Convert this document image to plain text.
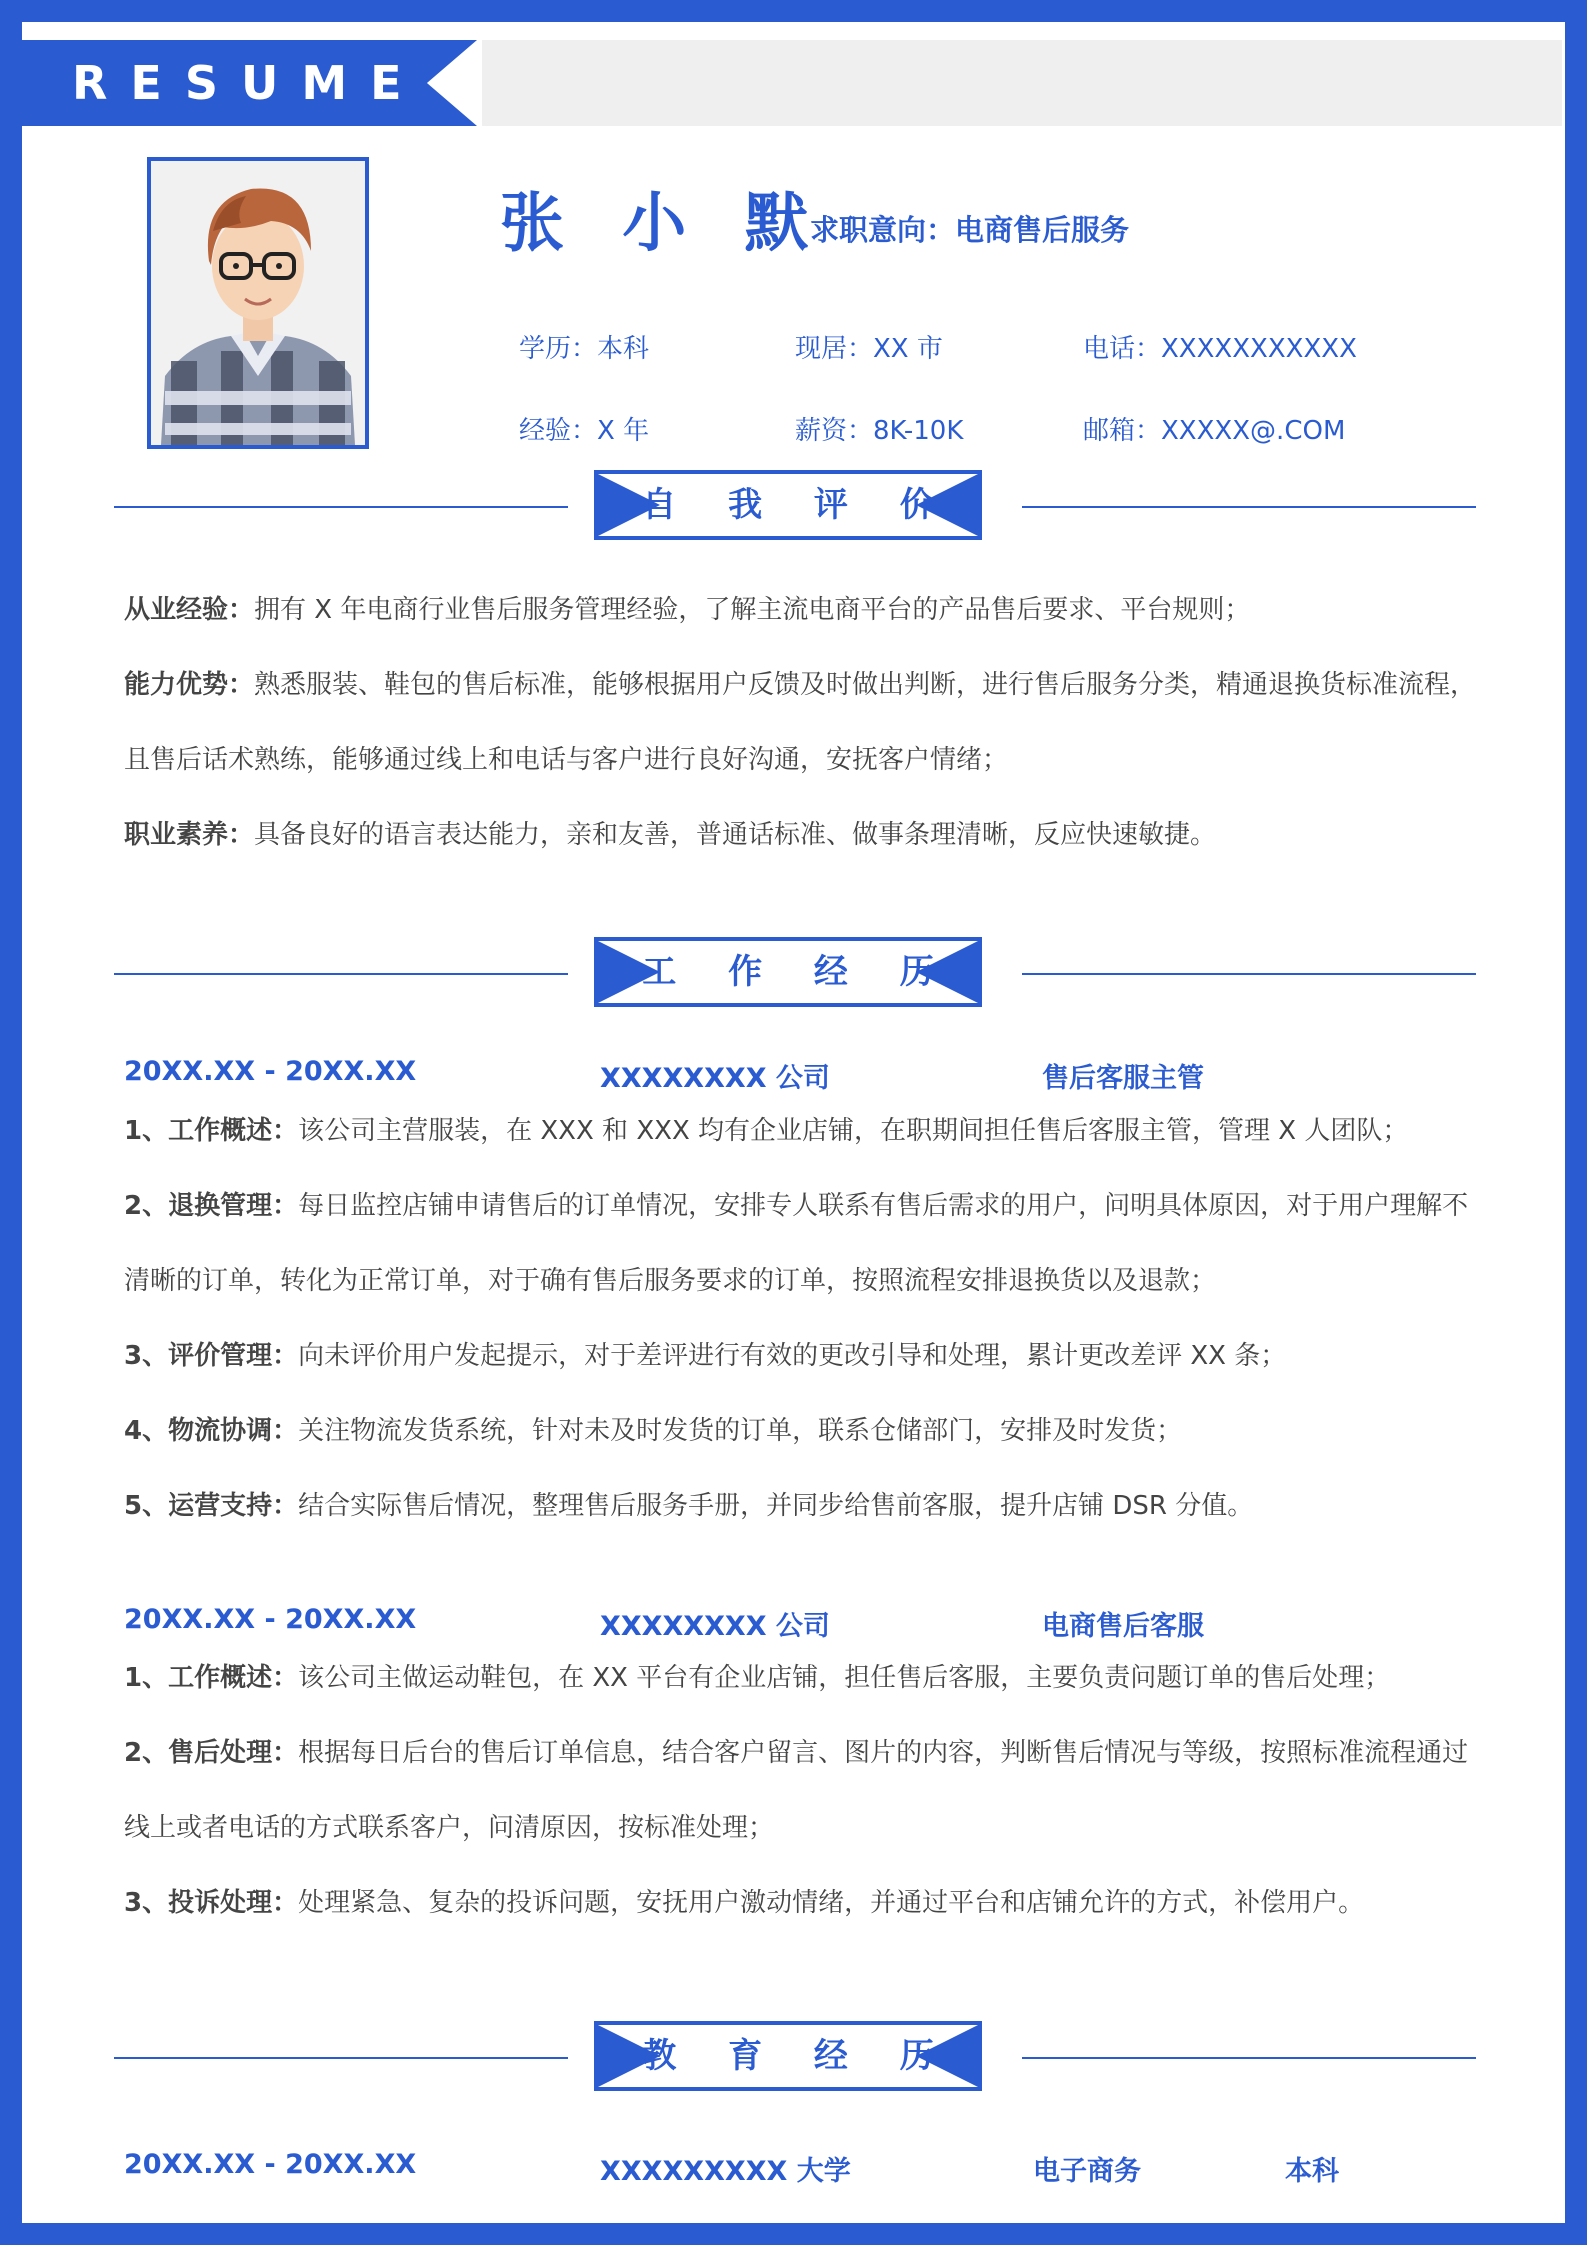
RESUME
张 小 默
求职意向：电商售后服务
学历：本科	现居：XX 市	电话：XXXXXXXXXXX
经验：X 年	薪资：8K-10K	邮箱：XXXXX@.COM
自 我 评 价
从业经验：拥有 X 年电商行业售后服务管理经验，了解主流电商平台的产品售后要求、平台规则；
能力优势：熟悉服装、鞋包的售后标准，能够根据用户反馈及时做出判断，进行售后服务分类，精通退换货标准流程，且售后话术熟练，能够通过线上和电话与客户进行良好沟通，安抚客户情绪；
职业素养：具备良好的语言表达能力，亲和友善，普通话标准、做事条理清晰，反应快速敏捷。
工 作 经 历
20XX.XX - 20XX.XX	XXXXXXXX 公司	售后客服主管
1、工作概述：该公司主营服装，在 XXX 和 XXX 均有企业店铺，在职期间担任售后客服主管，管理 X 人团队；
2、退换管理：每日监控店铺申请售后的订单情况，安排专人联系有售后需求的用户，问明具体原因，对于用户理解不清晰的订单，转化为正常订单，对于确有售后服务要求的订单，按照流程安排退换货以及退款；
3、评价管理：向未评价用户发起提示，对于差评进行有效的更改引导和处理，累计更改差评 XX 条；
4、物流协调：关注物流发货系统，针对未及时发货的订单，联系仓储部门，安排及时发货；
5、运营支持：结合实际售后情况，整理售后服务手册，并同步给售前客服，提升店铺 DSR 分值。
20XX.XX - 20XX.XX	XXXXXXXX 公司	电商售后客服
1、工作概述：该公司主做运动鞋包，在 XX 平台有企业店铺，担任售后客服，主要负责问题订单的售后处理；
2、售后处理：根据每日后台的售后订单信息，结合客户留言、图片的内容，判断售后情况与等级，按照标准流程通过线上或者电话的方式联系客户，问清原因，按标准处理；
3、投诉处理：处理紧急、复杂的投诉问题，安抚用户激动情绪，并通过平台和店铺允许的方式，补偿用户。
教 育 经 历
20XX.XX - 20XX.XX	XXXXXXXXX 大学	电子商务	本科
